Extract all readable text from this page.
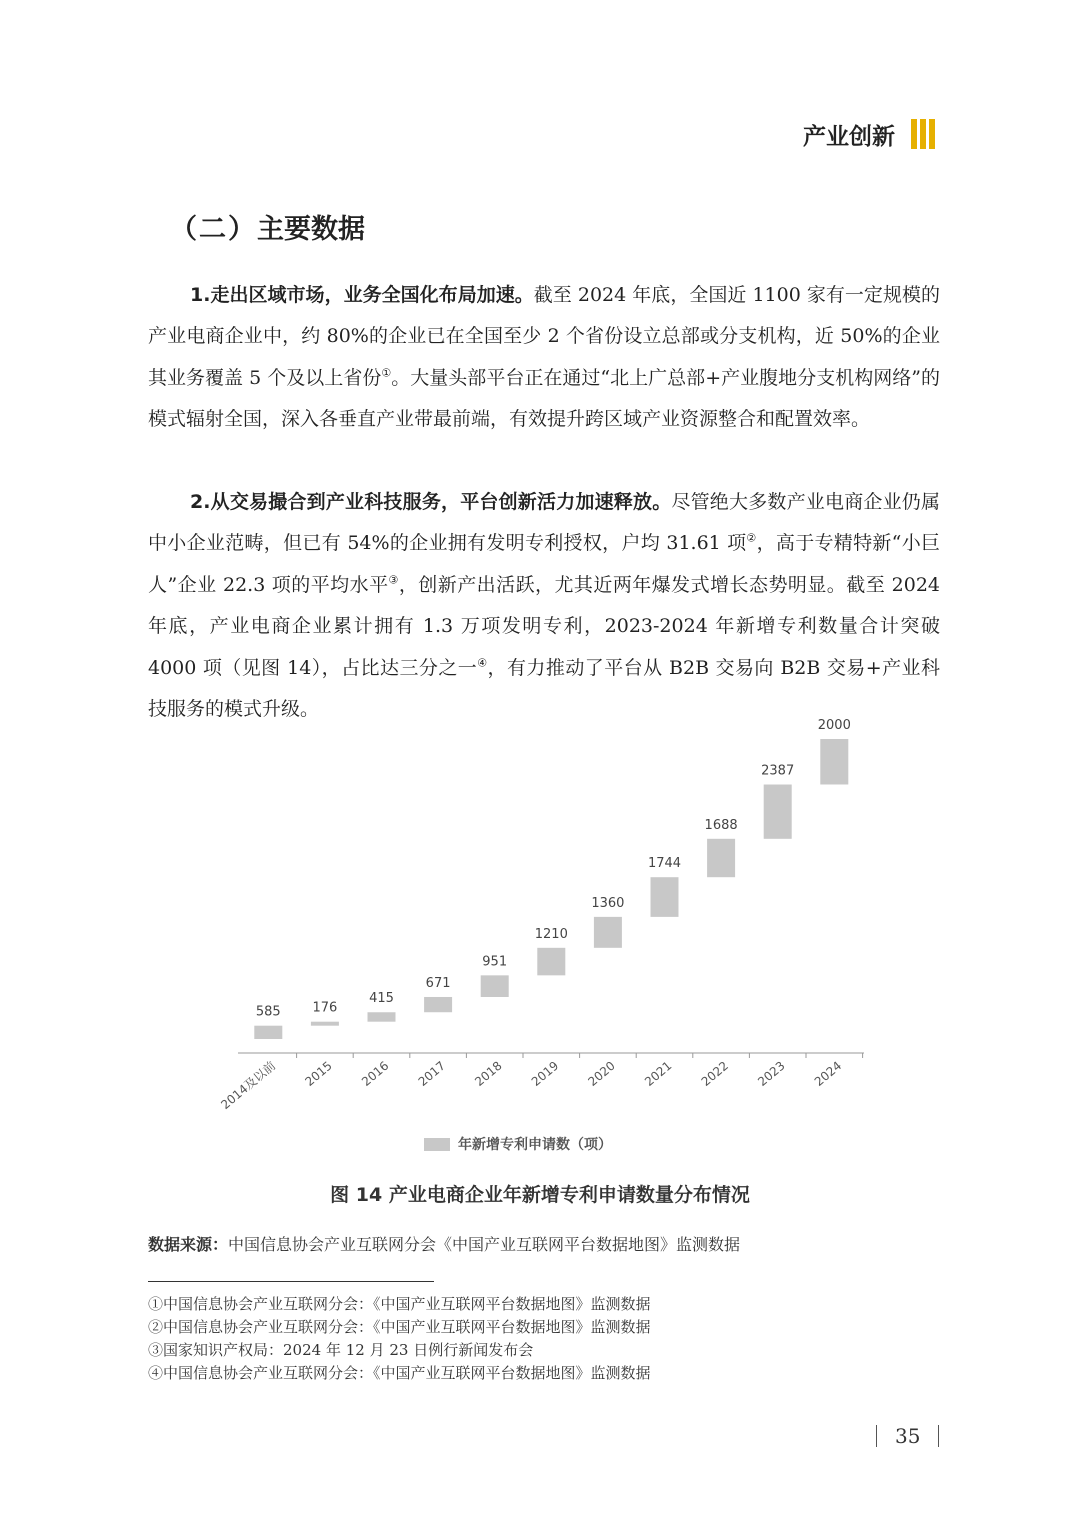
产业创新
（二）主要数据
1.走出区域市场，业务全国化布局加速。截至 2024 年底，全国近 1100 家有一定规模的产业电商企业中，约 80%的企业已在全国至少 2 个省份设立总部或分支机构，近 50%的企业其业务覆盖 5 个及以上省份①。大量头部平台正在通过“北上广总部+产业腹地分支机构网络”的模式辐射全国，深入各垂直产业带最前端，有效提升跨区域产业资源整合和配置效率。
2.从交易撮合到产业科技服务，平台创新活力加速释放。尽管绝大多数产业电商企业仍属中小企业范畴，但已有 54%的企业拥有发明专利授权，户均 31.61 项②，高于专精特新“小巨人”企业 22.3 项的平均水平③，创新产出活跃，尤其近两年爆发式增长态势明显。截至 2024 年底，产业电商企业累计拥有 1.3 万项发明专利，2023-2024 年新增专利数量合计突破 4000 项（见图 14），占比达三分之一④，有力推动了平台从 B2B 交易向 B2B 交易+产业科技服务的模式升级。
585
2014及以前
176
2015
415
2016
671
2017
951
2018
1210
2019
1360
2020
1744
2021
1688
2022
2387
2023
2000
2024
年新增专利申请数（项）
图 14 产业电商企业年新增专利申请数量分布情况
数据来源：中国信息协会产业互联网分会《中国产业互联网平台数据地图》监测数据
①中国信息协会产业互联网分会：《中国产业互联网平台数据地图》监测数据
②中国信息协会产业互联网分会：《中国产业互联网平台数据地图》监测数据
③国家知识产权局：2024 年 12 月 23 日例行新闻发布会
④中国信息协会产业互联网分会：《中国产业互联网平台数据地图》监测数据
35
